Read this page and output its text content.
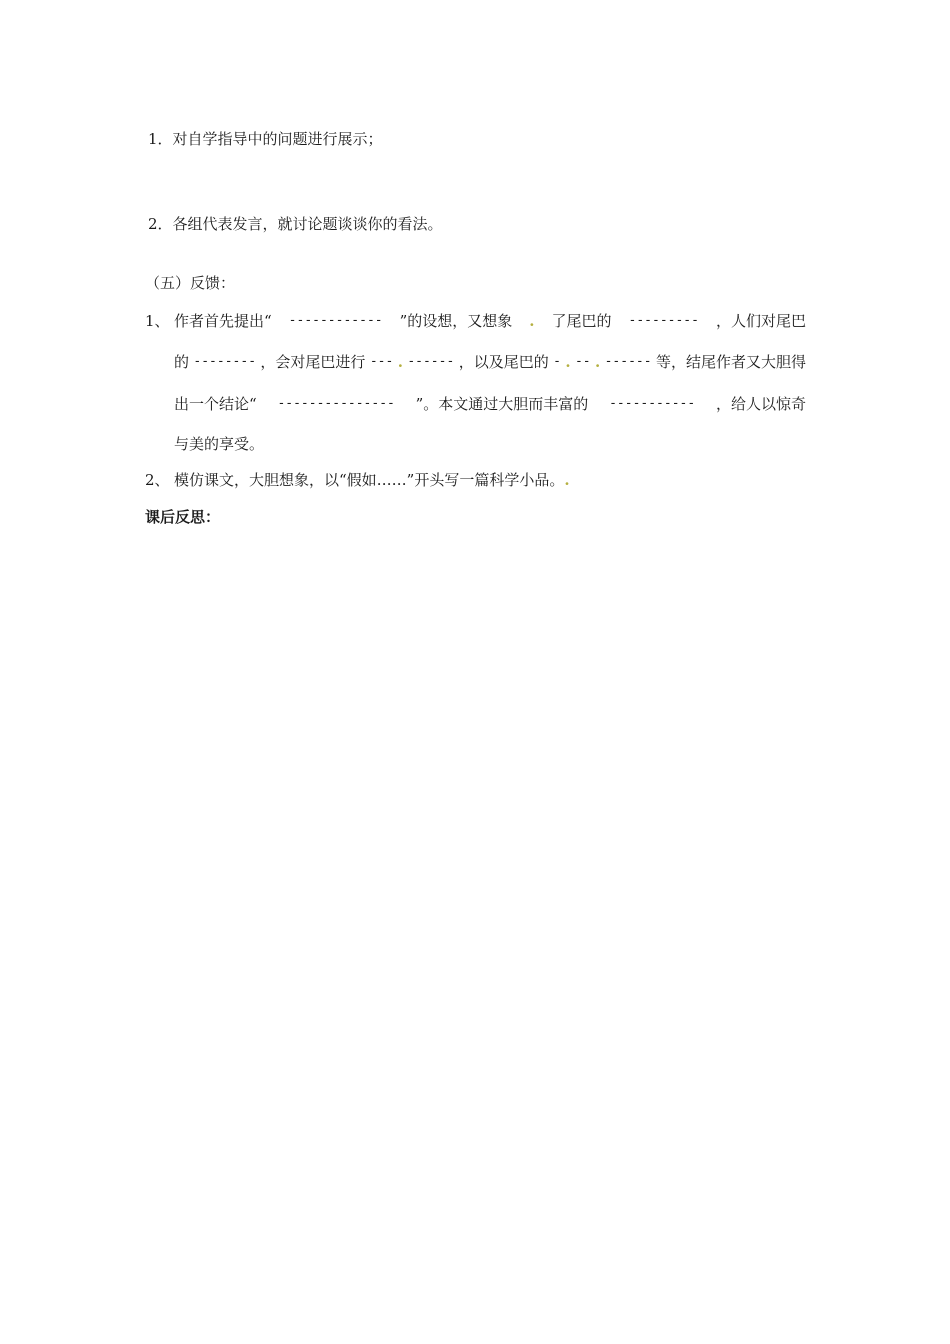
1．对自学指导中的问题进行展示；
2．各组代表发言，就讨论题谈谈你的看法。
（五）反馈：
1、 作者首先提出“ ------------ ”的设想，又想象 . 了尾巴的 --------- ，人们对尾巴
的 -------- ，会对尾巴进行 --- . ------ ，以及尾巴的 - . -- . ------ 等，结尾作者又大胆得
出一个结论“ --------------- ”。本文通过大胆而丰富的 ----------- ，给人以惊奇
与美的享受。
2、 模仿课文，大胆想象，以“假如……”开头写一篇科学小品。.
课后反思：
